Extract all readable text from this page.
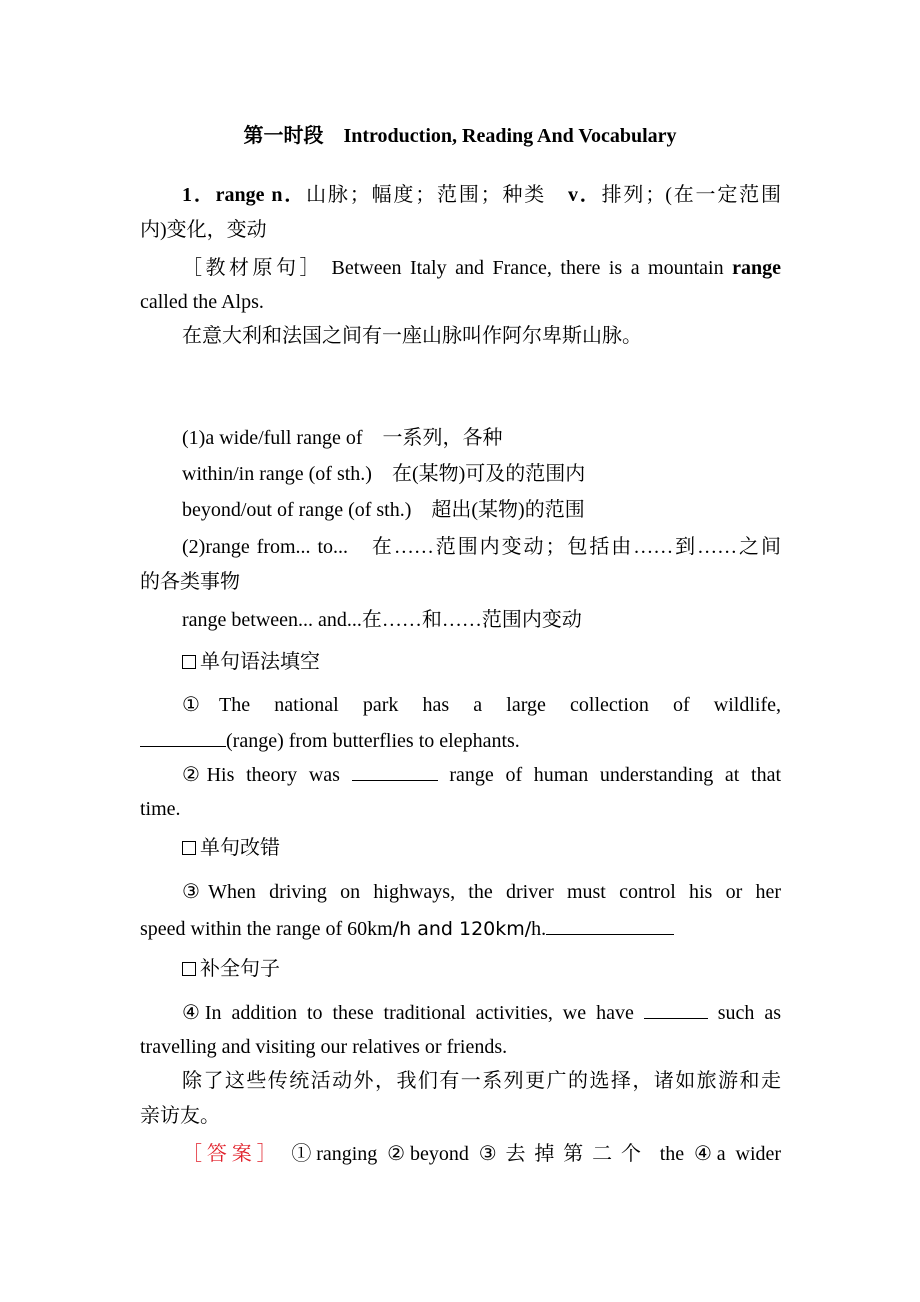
第一时段　Introduction, Reading And Vocabulary
1．range n．山脉；幅度；范围；种类　v．排列；(在一定范围
内)变化，变动
［教材原句］ Between Italy and France, there is a mountain range
called the Alps.
在意大利和法国之间有一座山脉叫作阿尔卑斯山脉。
(1)a wide/full range of　一系列，各种
within/in range (of sth.)　在(某物)可及的范围内
beyond/out of range (of sth.)　超出(某物)的范围
(2)range from... to...　在……范围内变动；包括由……到……之间
的各类事物
range between... and...在……和……范围内变动
单句语法填空
①The national park has a large collection of wildlife,
(range) from butterflies to elephants.
②His theory was	range of human understanding at that
time.
单句改错
③When driving on highways, the driver must control his or her
speed within the range of 60km/h and 120km/h.
补全句子
④In addition to these traditional activities, we have	such as
travelling and visiting our relatives or friends.
除了这些传统活动外，我们有一系列更广的选择，诸如旅游和走
亲访友。
［答案］ ①ranging ②beyond ③去掉第二个 the ④a wider
